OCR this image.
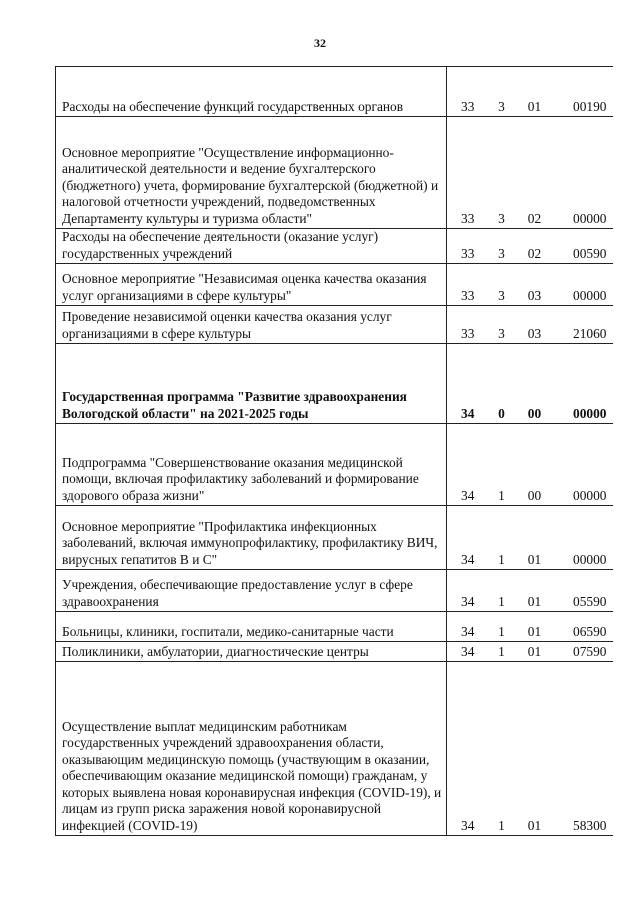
32
Расходы на обеспечение функций государственных органов	33	3	01	00190
Основное мероприятие "Осуществление информационно-аналитической деятельности и ведение бухгалтерского (бюджетного) учета, формирование бухгалтерской (бюджетной) и налоговой отчетности учреждений, подведомственных Департаменту культуры и туризма области"	33	3	02	00000
Расходы на обеспечение деятельности (оказание услуг) государственных учреждений	33	3	02	00590
Основное мероприятие "Независимая оценка качества оказания услуг организациями в сфере культуры"	33	3	03	00000
Проведение независимой оценки качества оказания услуг организациями в сфере культуры	33	3	03	21060
Государственная программа "Развитие здравоохранения Вологодской области" на 2021-2025 годы	34	0	00	00000
Подпрограмма "Совершенствование оказания медицинской помощи, включая профилактику заболеваний и формирование здорового образа жизни"	34	1	00	00000
Основное мероприятие "Профилактика инфекционных заболеваний, включая иммунопрофилактику, профилактику ВИЧ, вирусных гепатитов В и С"	34	1	01	00000
Учреждения, обеспечивающие предоставление услуг в сфере здравоохранения	34	1	01	05590
Больницы, клиники, госпитали, медико-санитарные части	34	1	01	06590
Поликлиники, амбулатории, диагностические центры	34	1	01	07590
Осуществление выплат медицинским работникам государственных учреждений здравоохранения области, оказывающим медицинскую помощь (участвующим в оказании, обеспечивающим оказание медицинской помощи) гражданам, у которых выявлена новая коронавирусная инфекция (COVID-19), и лицам из групп риска заражения новой коронавирусной инфекцией (COVID-19)	34	1	01	58300
